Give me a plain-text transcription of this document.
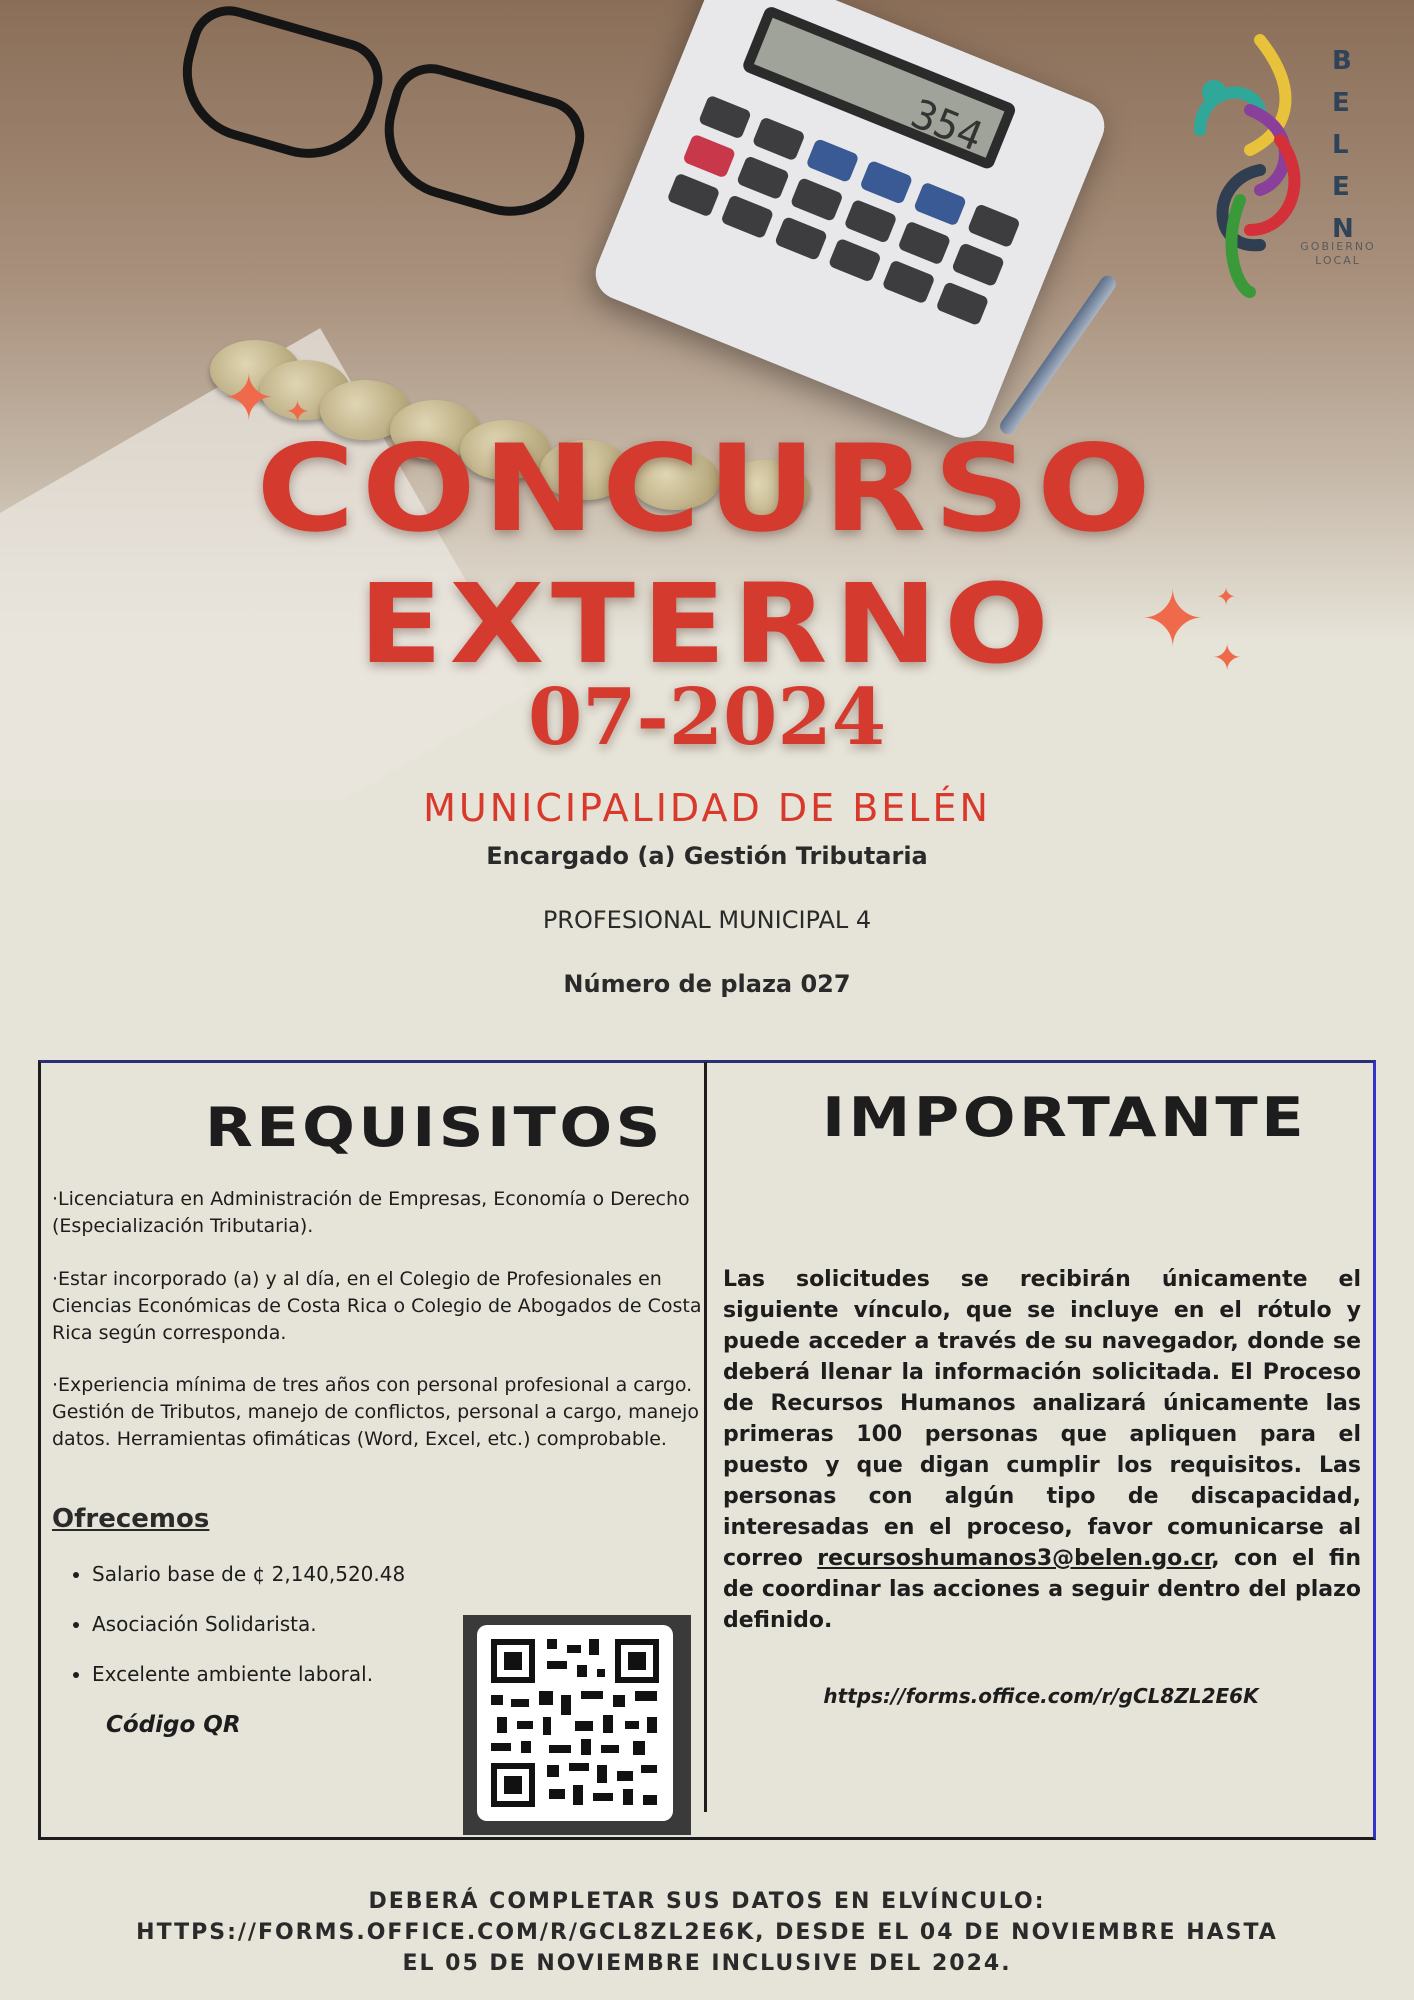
354
✦ ✦
✦ ✦
✦
B
E
L
E
N
GOBIERNO LOCAL
CONCURSO
EXTERNO
07-2024
MUNICIPALIDAD DE BELÉN
Encargado (a) Gestión Tributaria
PROFESIONAL MUNICIPAL 4
Número de plaza 027
REQUISITOS
·Licenciatura en Administración de Empresas, Economía o Derecho (Especialización Tributaria).
·Estar incorporado (a) y al día, en el Colegio de Profesionales en Ciencias Económicas de Costa Rica o Colegio de Abogados de Costa Rica según corresponda.
·Experiencia mínima de tres años con personal profesional a cargo. Gestión de Tributos, manejo de conflictos, personal a cargo, manejo datos. Herramientas ofimáticas (Word, Excel, etc.) comprobable.
Ofrecemos
• Salario base de ¢ 2,140,520.48
• Asociación Solidarista.
• Excelente ambiente laboral.
Código QR
IMPORTANTE
Las solicitudes se recibirán únicamente el siguiente vínculo, que se incluye en el rótulo y puede acceder a través de su navegador, donde se deberá llenar la información solicitada. El Proceso de Recursos Humanos analizará únicamente las primeras 100 personas que apliquen para el puesto y que digan cumplir los requisitos. Las personas con algún tipo de discapacidad, interesadas en el proceso, favor comunicarse al correo recursoshumanos3@belen.go.cr, con el fin de coordinar las acciones a seguir dentro del plazo definido.
https://forms.office.com/r/gCL8ZL2E6K
DEBERÁ COMPLETAR SUS DATOS EN ELVÍNCULO:
HTTPS://FORMS.OFFICE.COM/R/GCL8ZL2E6K, DESDE EL 04 DE NOVIEMBRE HASTA
EL 05 DE NOVIEMBRE INCLUSIVE DEL 2024.
